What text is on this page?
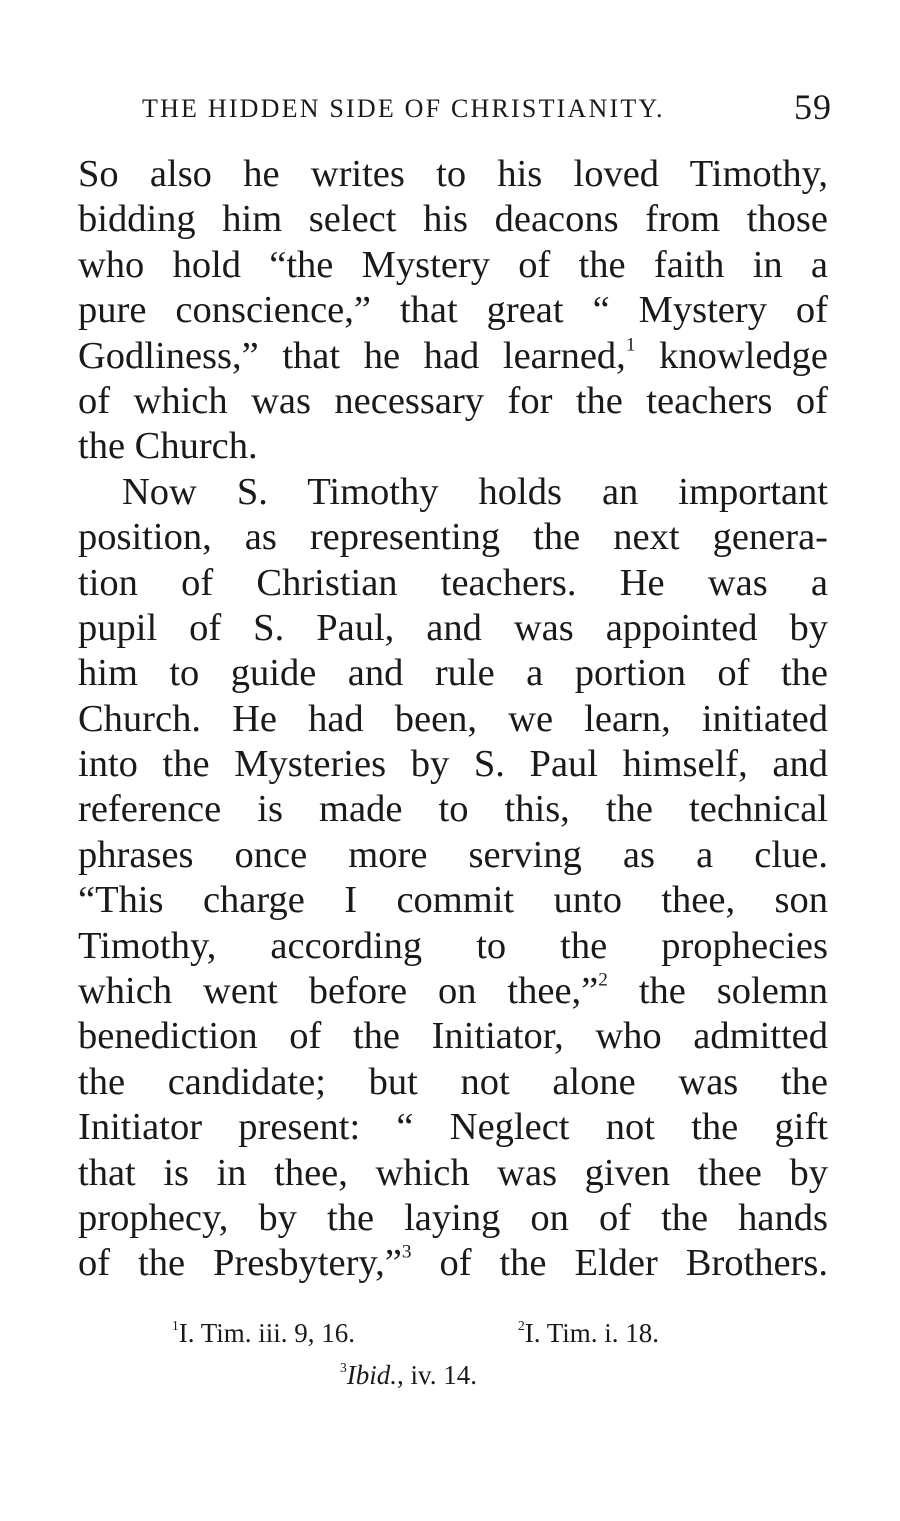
THE HIDDEN SIDE OF CHRISTIANITY.	59
So also he writes to his loved Timothy,
bidding him select his deacons from those
who hold “the Mystery of the faith in a
pure conscience,” that great “ Mystery of
Godliness,” that he had learned,$^1$ knowledge
of which was necessary for the teachers of
the Church.
Now S. Timothy holds an important
position, as representing the next genera-
tion of Christian teachers. He was a
pupil of S. Paul, and was appointed by
him to guide and rule a portion of the
Church. He had been, we learn, initiated
into the Mysteries by S. Paul himself, and
reference is made to this, the technical
phrases once more serving as a clue.
“This charge I commit unto thee, son
Timothy, according to the prophecies
which went before on thee,”$^2$ the solemn
benediction of the Initiator, who admitted
the candidate; but not alone was the
Initiator present: “ Neglect not the gift
that is in thee, which was given thee by
prophecy, by the laying on of the hands
of the Presbytery,”$^3$ of the Elder Brothers.
$^1$I. Tim. iii. 9, 16.	$^2$I. Tim. i. 18.
$^3$Ibid., iv. 14.
